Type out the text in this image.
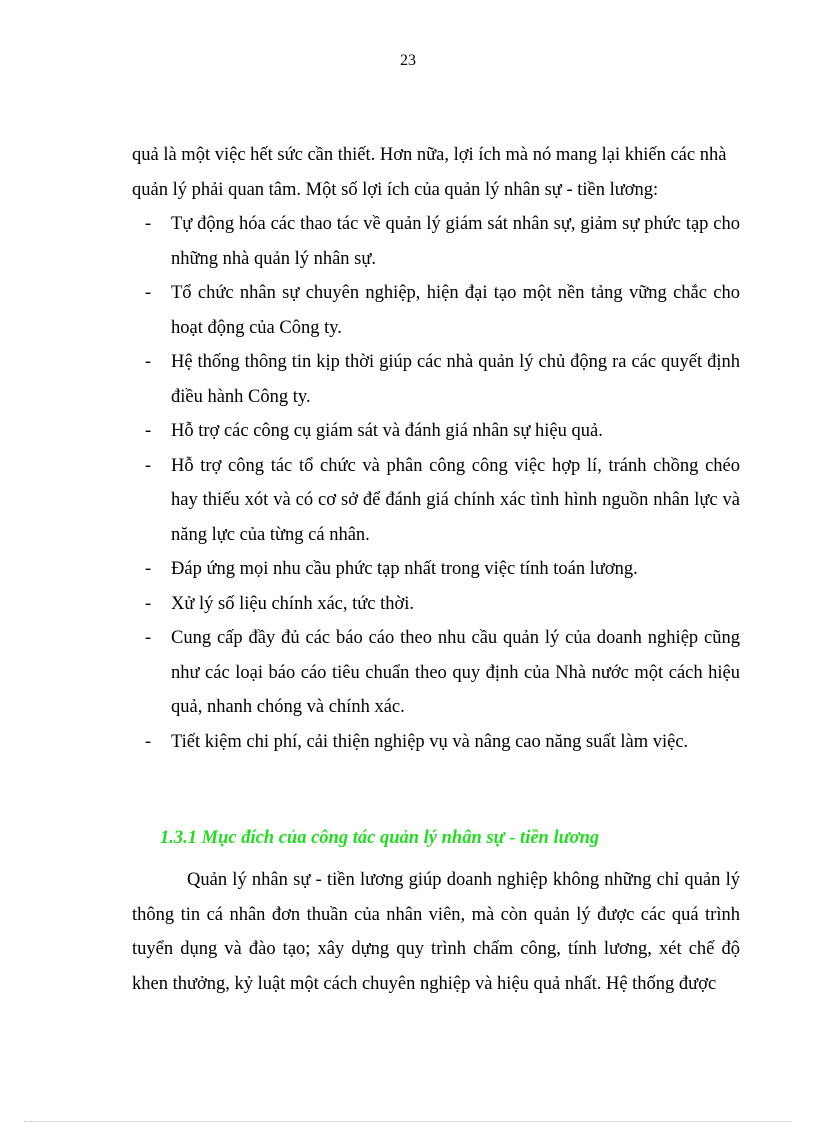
23

quả là một việc hết sức cần thiết. Hơn nữa, lợi ích mà nó mang lại khiến các nhà
quản lý phải quan tâm. Một số lợi ích của quản lý nhân sự - tiền lương:

- Tự động hóa các thao tác về quản lý giám sát nhân sự, giảm sự phức tạp cho những nhà quản lý nhân sự.
- Tổ chức nhân sự chuyên nghiệp, hiện đại tạo một nền tảng vững chắc cho hoạt động của Công ty.
- Hệ thống thông tin kịp thời giúp các nhà quản lý chủ động ra các quyết định điều hành Công ty.
- Hỗ trợ các công cụ giám sát và đánh giá nhân sự hiệu quả.
- Hỗ trợ công tác tổ chức và phân công công việc hợp lí, tránh chồng chéo hay thiếu xót và có cơ sở để đánh giá chính xác tình hình nguồn nhân lực và năng lực của từng cá nhân.
- Đáp ứng mọi nhu cầu phức tạp nhất trong việc tính toán lương.
- Xử lý số liệu chính xác, tức thời.
- Cung cấp đầy đủ các báo cáo theo nhu cầu quản lý của doanh nghiệp cũng như các loại báo cáo tiêu chuẩn theo quy định của Nhà nước một cách hiệu quả, nhanh chóng và chính xác.
- Tiết kiệm chi phí, cải thiện nghiệp vụ và nâng cao năng suất làm việc.
1.3.1 Mục đích của công tác quản lý nhân sự - tiền lương

Quản lý nhân sự - tiền lương giúp doanh nghiệp không những chỉ quản lý thông tin cá nhân đơn thuần của nhân viên, mà còn quản lý được các quá trình tuyển dụng và đào tạo; xây dựng quy trình chấm công, tính lương, xét chế độ khen thưởng, kỷ luật một cách chuyên nghiệp và hiệu quả nhất. Hệ thống được
